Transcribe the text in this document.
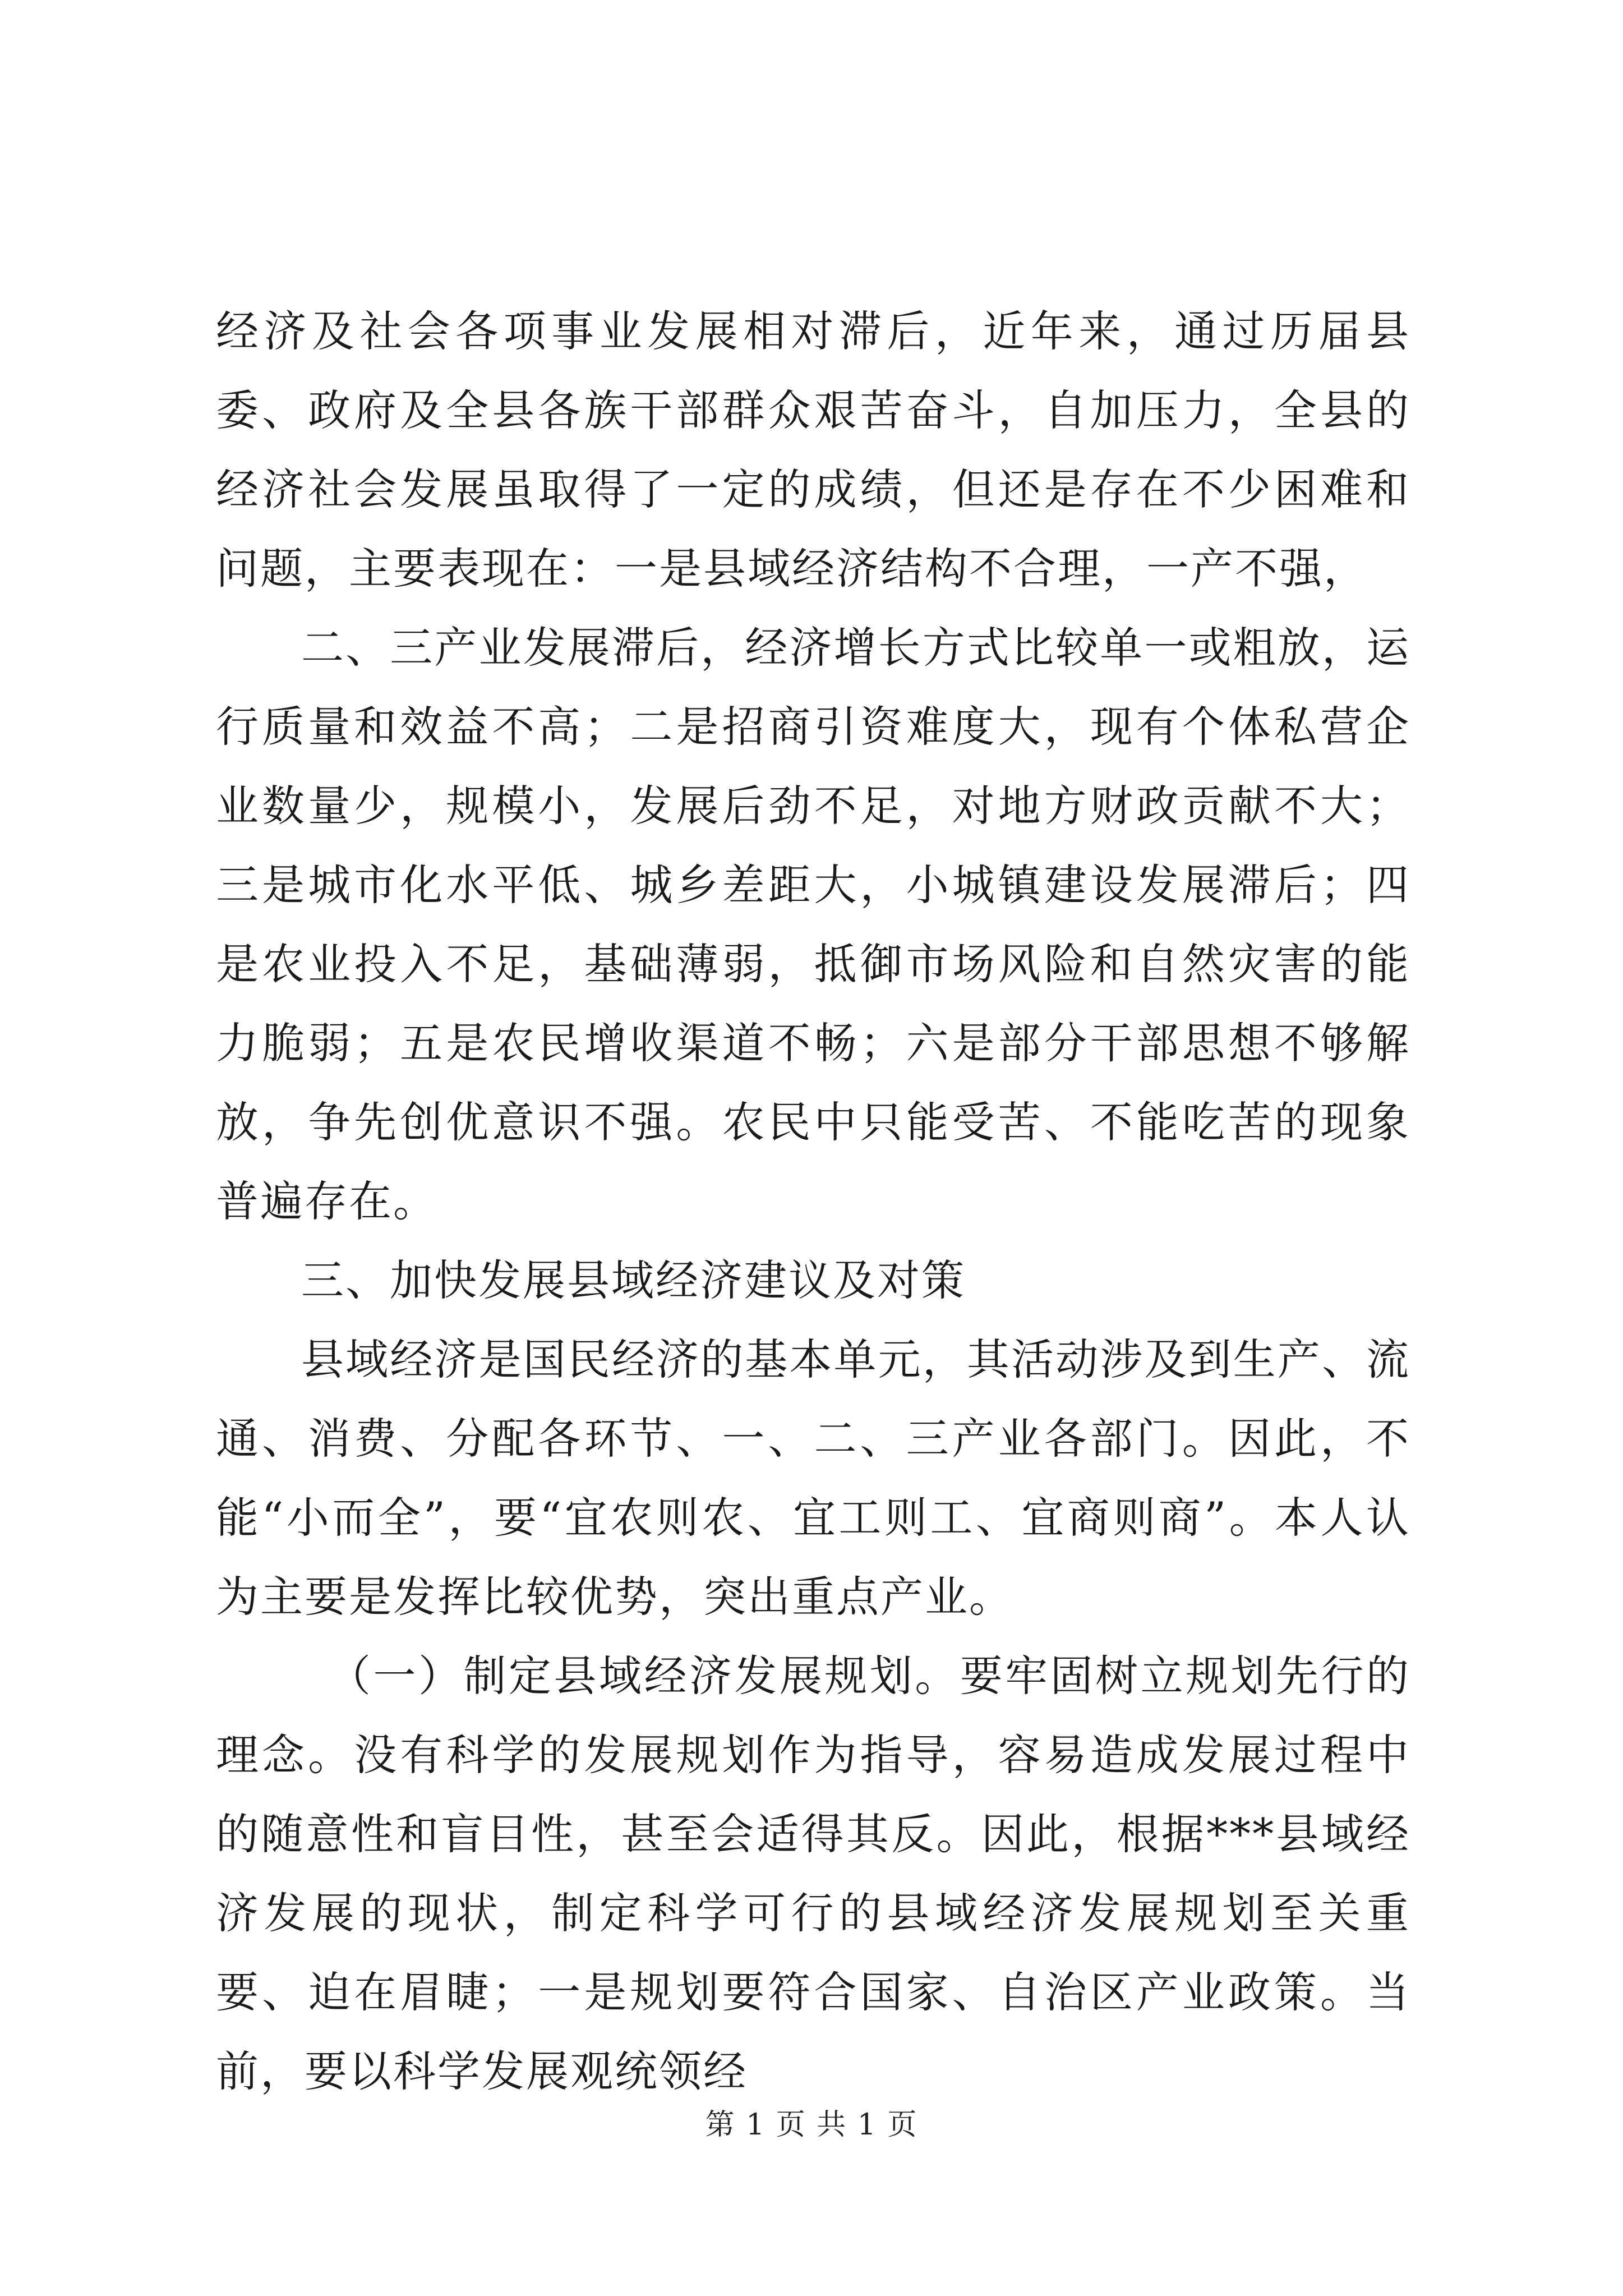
经济及社会各项事业发展相对滞后，近年来，通过历届县委、政府及全县各族干部群众艰苦奋斗，自加压力，全县的经济社会发展虽取得了一定的成绩，但还是存在不少困难和问题，主要表现在：一是县域经济结构不合理，一产不强，

二、三产业发展滞后，经济增长方式比较单一或粗放，运行质量和效益不高；二是招商引资难度大，现有个体私营企业数量少，规模小，发展后劲不足，对地方财政贡献不大；三是城市化水平低、城乡差距大，小城镇建设发展滞后；四是农业投入不足，基础薄弱，抵御市场风险和自然灾害的能力脆弱；五是农民增收渠道不畅；六是部分干部思想不够解放，争先创优意识不强。农民中只能受苦、不能吃苦的现象普遍存在。

三、加快发展县域经济建议及对策

县域经济是国民经济的基本单元，其活动涉及到生产、流通、消费、分配各环节、一、二、三产业各部门。因此，不能“小而全”，要“宜农则农、宜工则工、宜商则商”。本人认为主要是发挥比较优势，突出重点产业。

（一）制定县域经济发展规划。要牢固树立规划先行的理念。没有科学的发展规划作为指导，容易造成发展过程中的随意性和盲目性，甚至会适得其反。因此，根据***县域经济发展的现状，制定科学可行的县域经济发展规划至关重要、迫在眉睫；一是规划要符合国家、自治区产业政策。当前，要以科学发展观统领经

第 1 页 共 1 页
